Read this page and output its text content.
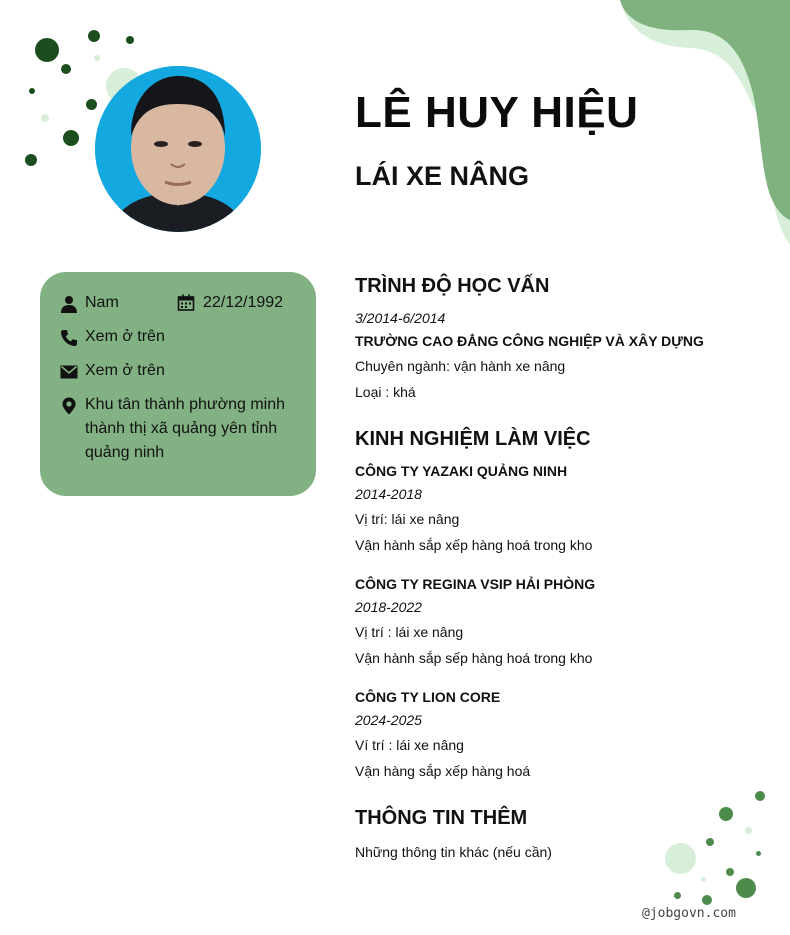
LÊ HUY HIỆU
LÁI XE NÂNG
Nam	22/12/1992
Xem ở trên
Xem ở trên
Khu tân thành phường minh
thành thị xã quảng yên tỉnh
quảng ninh
TRÌNH ĐỘ HỌC VẤN
3/2014-6/2014
TRƯỜNG CAO ĐẲNG CÔNG NGHIỆP VÀ XÂY DỰNG
Chuyên ngành: vận hành xe nâng
Loại : khá
KINH NGHIỆM LÀM VIỆC
CÔNG TY YAZAKI QUẢNG NINH
2014-2018
Vị trí: lái xe nâng
Vận hành sắp xếp hàng hoá trong kho
CÔNG TY REGINA VSIP HẢI PHÒNG
2018-2022
Vị trí : lái xe nâng
Vận hành sắp sếp hàng hoá trong kho
CÔNG TY LION CORE
2024-2025
Ví trí : lái xe nâng
Vận hàng sắp xếp hàng hoá
THÔNG TIN THÊM
Những thông tin khác (nếu cần)
@jobgovn.com
